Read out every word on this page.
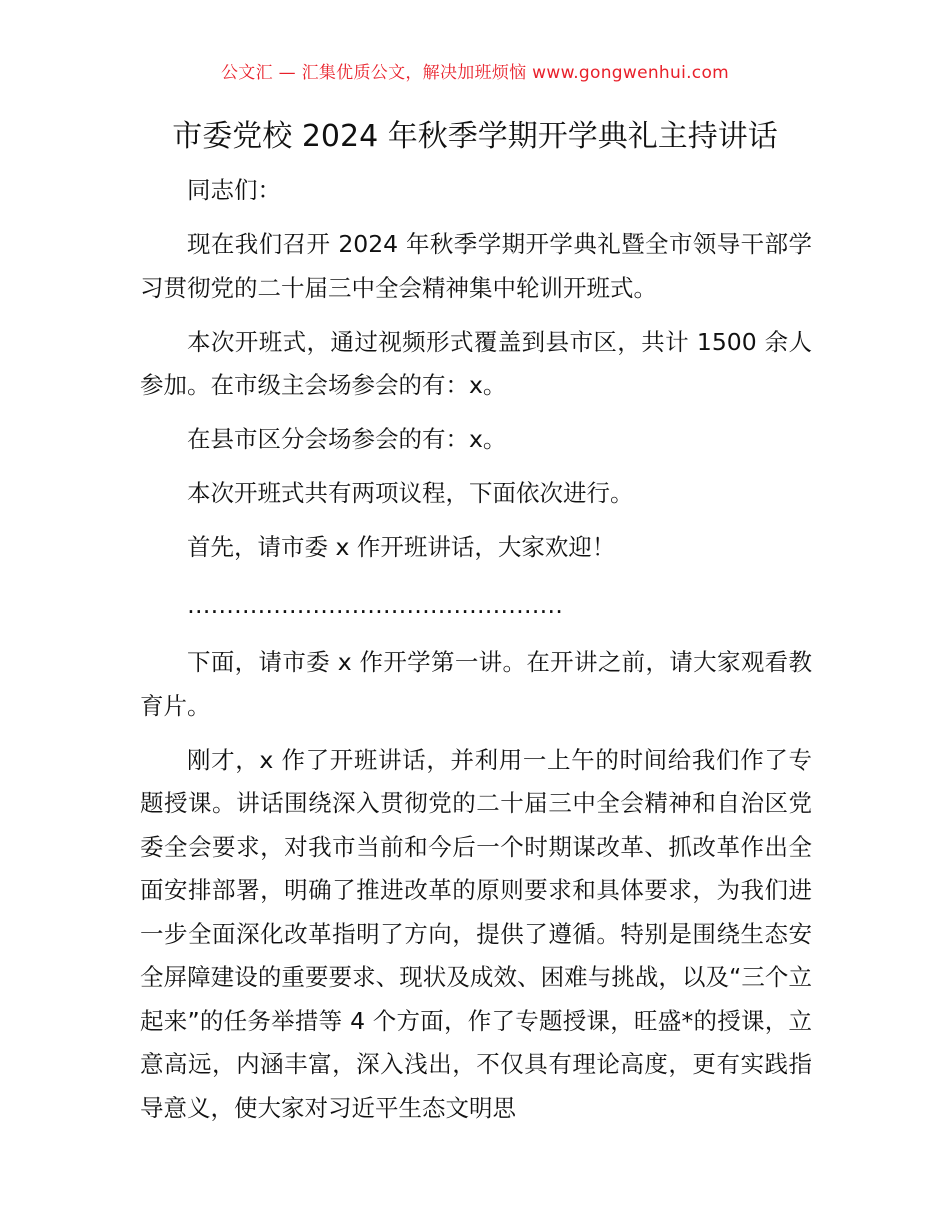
公文汇 — 汇集优质公文，解决加班烦恼 www.gongwenhui.com
市委党校 2024 年秋季学期开学典礼主持讲话

同志们：

现在我们召开 2024 年秋季学期开学典礼暨全市领导干部学习贯彻党的二十届三中全会精神集中轮训开班式。

本次开班式，通过视频形式覆盖到县市区，共计 1500 余人参加。在市级主会场参会的有：x。

在县市区分会场参会的有：x。

本次开班式共有两项议程，下面依次进行。

首先，请市委 x 作开班讲话，大家欢迎！

…………………………………………

下面，请市委 x 作开学第一讲。在开讲之前，请大家观看教育片。

刚才，x 作了开班讲话，并利用一上午的时间给我们作了专题授课。讲话围绕深入贯彻党的二十届三中全会精神和自治区党委全会要求，对我市当前和今后一个时期谋改革、抓改革作出全面安排部署，明确了推进改革的原则要求和具体要求，为我们进一步全面深化改革指明了方向，提供了遵循。特别是围绕生态安全屏障建设的重要要求、现状及成效、困难与挑战，以及“三个立起来”的任务举措等 4 个方面，作了专题授课，旺盛*的授课，立意高远，内涵丰富，深入浅出，不仅具有理论高度，更有实践指导意义，使大家对习近平生态文明思
